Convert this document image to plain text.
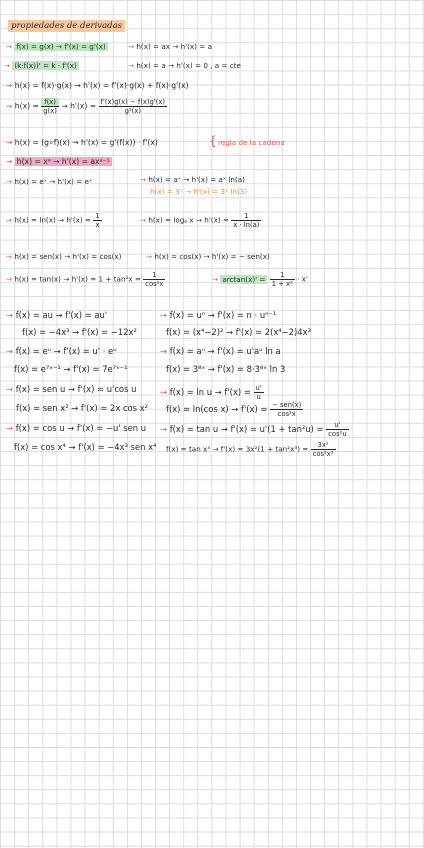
propiedades de derivadas
⇝ f(x) = g(x) → f'(x) = g'(x)	⇝ h(x) = ax → h'(x) = a
⇝ (k·f(x))' = k · f'(x)	⇝ h(x) = a → h'(x) = 0 , a = cte
⇝ h(x) = f(x)·g(x) → h'(x) = f'(x)·g(x) + f(x)·g'(x)
⇝ $h(x) = \frac{f(x)}{g(x)} \to h'(x) = \frac{f'(x)g(x) - f(x)g'(x)}{\text{g²(x)}}$
⇝ h(x) = (g∘f)(x) → h'(x) = g'(f(x)) · f'(x)	{ regla de la cadena
⇝ h(x) = xᵃ → h'(x) = axᵃ⁻¹
⇝ h(x) = eˣ → h'(x) = eˣ	⇝ h(x) = aˣ → h'(x) = aˣ ln(a)
h(x) = 3ˣ → h'(x) = 3ˣ ln(3)
⇝ $h(x) = \ln(x) \to h'(x) = \frac{1}{x}$	⇝ h(x) = logₐ $x \to h'(x) = \frac{1}{x \cdot \ln(a)}$
⇝ h(x) = sen(x) → h'(x) = cos(x)	⇝ h(x) = cos(x) → h'(x) = − sen(x)
⇝ $h(x) = \tan(x) \to h'(x) = 1 + \tan^2x = \frac{1}{\text{cos²x}}$	⇝ $\arctan(x)' = \frac{1}{\text{1 + x²}} \cdot x'$
⇝ f(x) = au → f'(x) = au'	⇝ f(x) = uⁿ → f'(x) = n · uⁿ⁻¹
f(x) = −4x³ → f'(x) = −12x²	f(x) = (x⁴−2)² → f'(x) = 2(x⁴−2)4x³
⇝ f(x) = eᵘ → f'(x) = u' · eᵘ	⇝ f(x) = aᵘ → f'(x) = u'aᵘ ln a
f(x) = e⁷ˣ⁻¹ → f'(x) = 7e⁷ˣ⁻¹	f(x) = 3⁸ˣ → f'(x) = 8·3⁸ˣ ln 3
⇝ f(x) = sen u → f'(x) = u'cos u	⇝ $f(x) = \ln u \to f'(x) = \frac{u'}{u}$
f(x) = sen x² → f'(x) = 2x cos x² f(x) = ln(cos $x) \to f'(x) = \frac{\text{− sen(x)}}{\text{cos²x}}$
⇝ f(x) = cos u → f'(x) = −u' sen u ⇝ $f(x) = \tan u \to f'(x) = u'(1 + \tan^2u) = \frac{u'}{\text{cos²u}}$
f(x) = cos x⁴ → f'(x) = −4x³ sen x⁴ $f(x) = \tan x^3 \to f'(x) = 3x^2(1 + \tan^2x^3) = \frac{\text{3x²}}{\text{cos²x³}}$
